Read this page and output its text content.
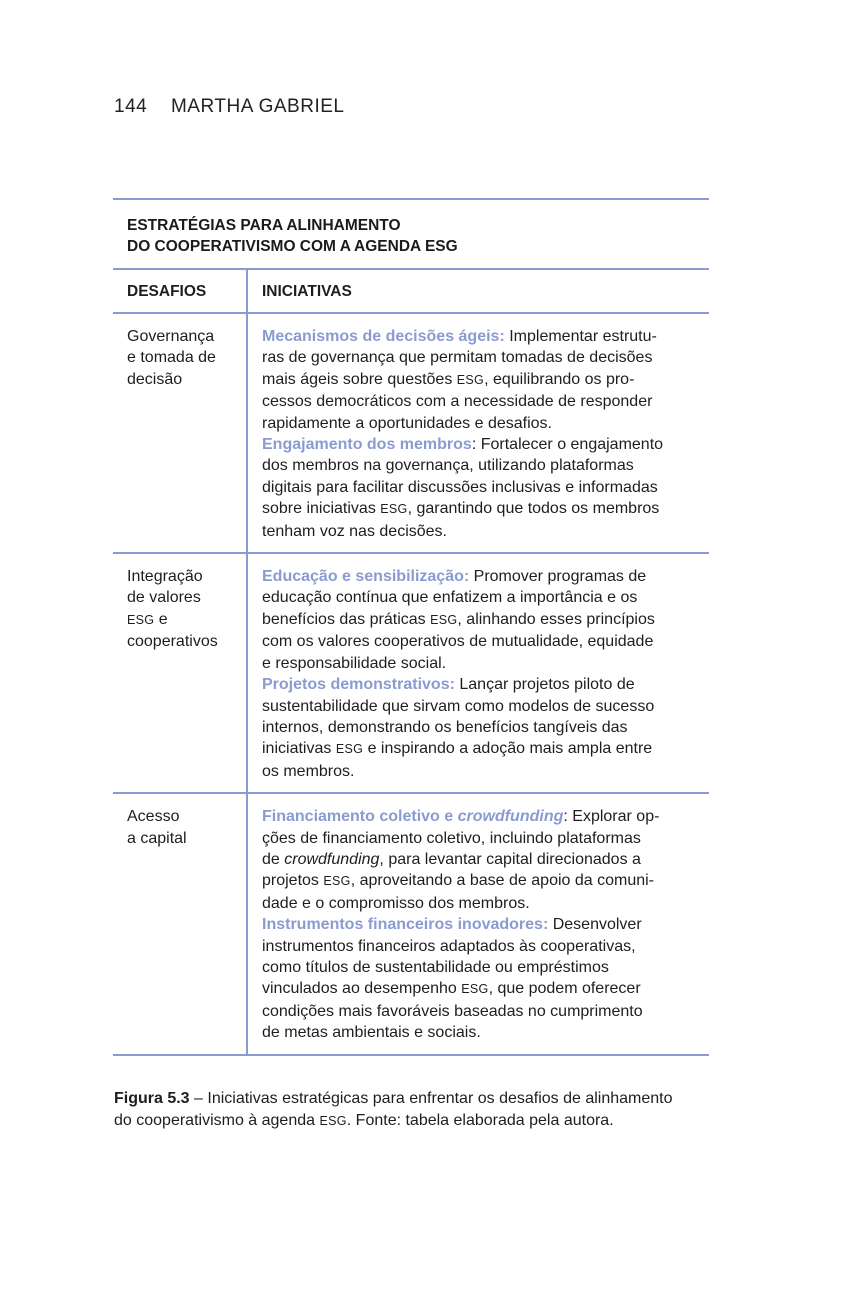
144 MARTHA GABRIEL
ESTRATÉGIAS PARA ALINHAMENTO
DO COOPERATIVISMO COM A AGENDA ESG
DESAFIOS	INICIATIVAS
Governança
e tomada de
decisão
Mecanismos de decisões ágeis: Implementar estrutu-
ras de governança que permitam tomadas de decisões
mais ágeis sobre questões ESG, equilibrando os pro-
cessos democráticos com a necessidade de responder
rapidamente a oportunidades e desafios.
Engajamento dos membros: Fortalecer o engajamento
dos membros na governança, utilizando plataformas
digitais para facilitar discussões inclusivas e informadas
sobre iniciativas ESG, garantindo que todos os membros
tenham voz nas decisões.
Integração
de valores
ESG e
cooperativos
Educação e sensibilização: Promover programas de
educação contínua que enfatizem a importância e os
benefícios das práticas ESG, alinhando esses princípios
com os valores cooperativos de mutualidade, equidade
e responsabilidade social.
Projetos demonstrativos: Lançar projetos piloto de
sustentabilidade que sirvam como modelos de sucesso
internos, demonstrando os benefícios tangíveis das
iniciativas ESG e inspirando a adoção mais ampla entre
os membros.
Acesso
a capital
Financiamento coletivo e crowdfunding: Explorar op-
ções de financiamento coletivo, incluindo plataformas
de crowdfunding, para levantar capital direcionados a
projetos ESG, aproveitando a base de apoio da comuni-
dade e o compromisso dos membros.
Instrumentos financeiros inovadores: Desenvolver
instrumentos financeiros adaptados às cooperativas,
como títulos de sustentabilidade ou empréstimos
vinculados ao desempenho ESG, que podem oferecer
condições mais favoráveis baseadas no cumprimento
de metas ambientais e sociais.
Figura 5.3 – Iniciativas estratégicas para enfrentar os desafios de alinhamento
do cooperativismo à agenda ESG. Fonte: tabela elaborada pela autora.
